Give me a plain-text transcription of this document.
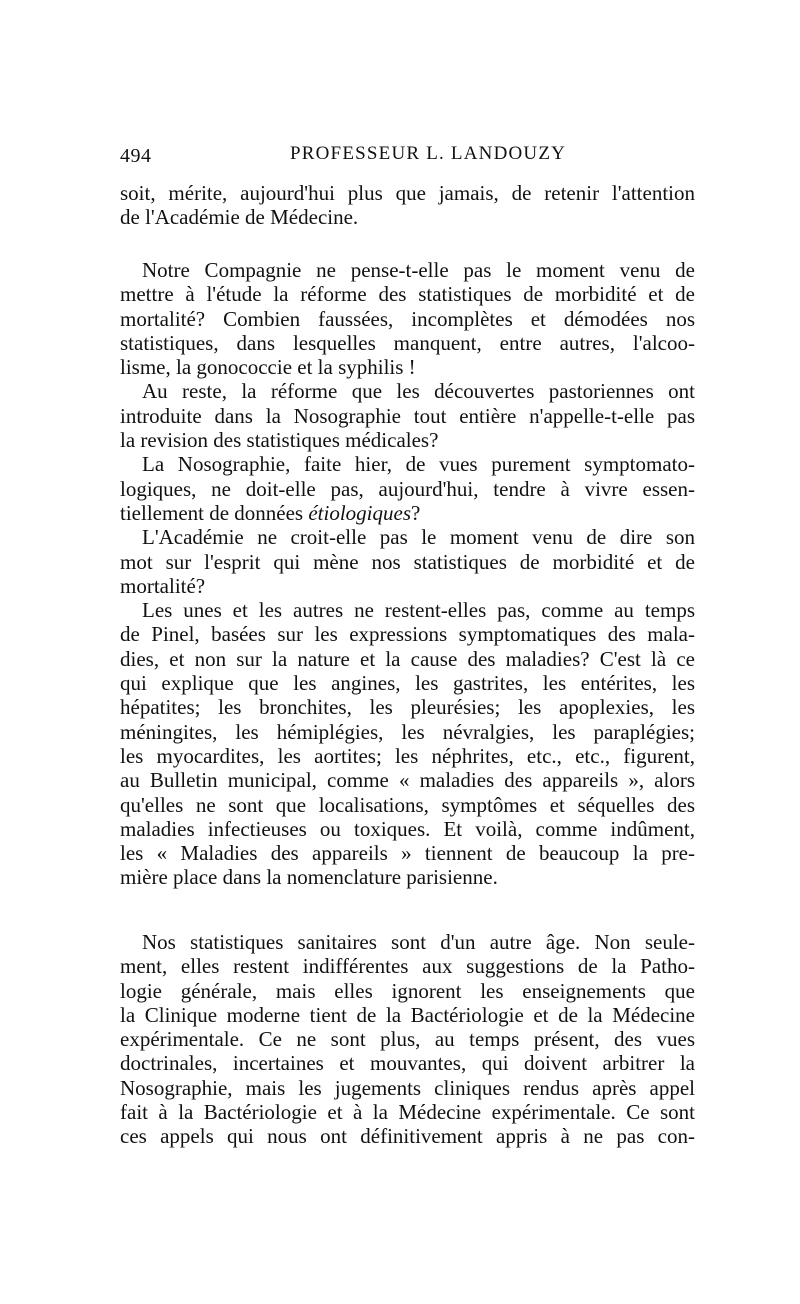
494	PROFESSEUR L. LANDOUZY
soit, mérite, aujourd'hui plus que jamais, de retenir l'attention
de l'Académie de Médecine.
Notre Compagnie ne pense-t-elle pas le moment venu de
mettre à l'étude la réforme des statistiques de morbidité et de
mortalité? Combien faussées, incomplètes et démodées nos
statistiques, dans lesquelles manquent, entre autres, l'alcoo-
lisme, la gonococcie et la syphilis !
Au reste, la réforme que les découvertes pastoriennes ont
introduite dans la Nosographie tout entière n'appelle-t-elle pas
la revision des statistiques médicales?
La Nosographie, faite hier, de vues purement symptomato-
logiques, ne doit-elle pas, aujourd'hui, tendre à vivre essen-
tiellement de données étiologiques?
L'Académie ne croit-elle pas le moment venu de dire son
mot sur l'esprit qui mène nos statistiques de morbidité et de
mortalité?
Les unes et les autres ne restent-elles pas, comme au temps
de Pinel, basées sur les expressions symptomatiques des mala-
dies, et non sur la nature et la cause des maladies? C'est là ce
qui explique que les angines, les gastrites, les entérites, les
hépatites; les bronchites, les pleurésies; les apoplexies, les
méningites, les hémiplégies, les névralgies, les paraplégies;
les myocardites, les aortites; les néphrites, etc., etc., figurent,
au Bulletin municipal, comme « maladies des appareils », alors
qu'elles ne sont que localisations, symptômes et séquelles des
maladies infectieuses ou toxiques. Et voilà, comme indûment,
les « Maladies des appareils » tiennent de beaucoup la pre-
mière place dans la nomenclature parisienne.
Nos statistiques sanitaires sont d'un autre âge. Non seule-
ment, elles restent indifférentes aux suggestions de la Patho-
logie générale, mais elles ignorent les enseignements que
la Clinique moderne tient de la Bactériologie et de la Médecine
expérimentale. Ce ne sont plus, au temps présent, des vues
doctrinales, incertaines et mouvantes, qui doivent arbitrer la
Nosographie, mais les jugements cliniques rendus après appel
fait à la Bactériologie et à la Médecine expérimentale. Ce sont
ces appels qui nous ont définitivement appris à ne pas con-
